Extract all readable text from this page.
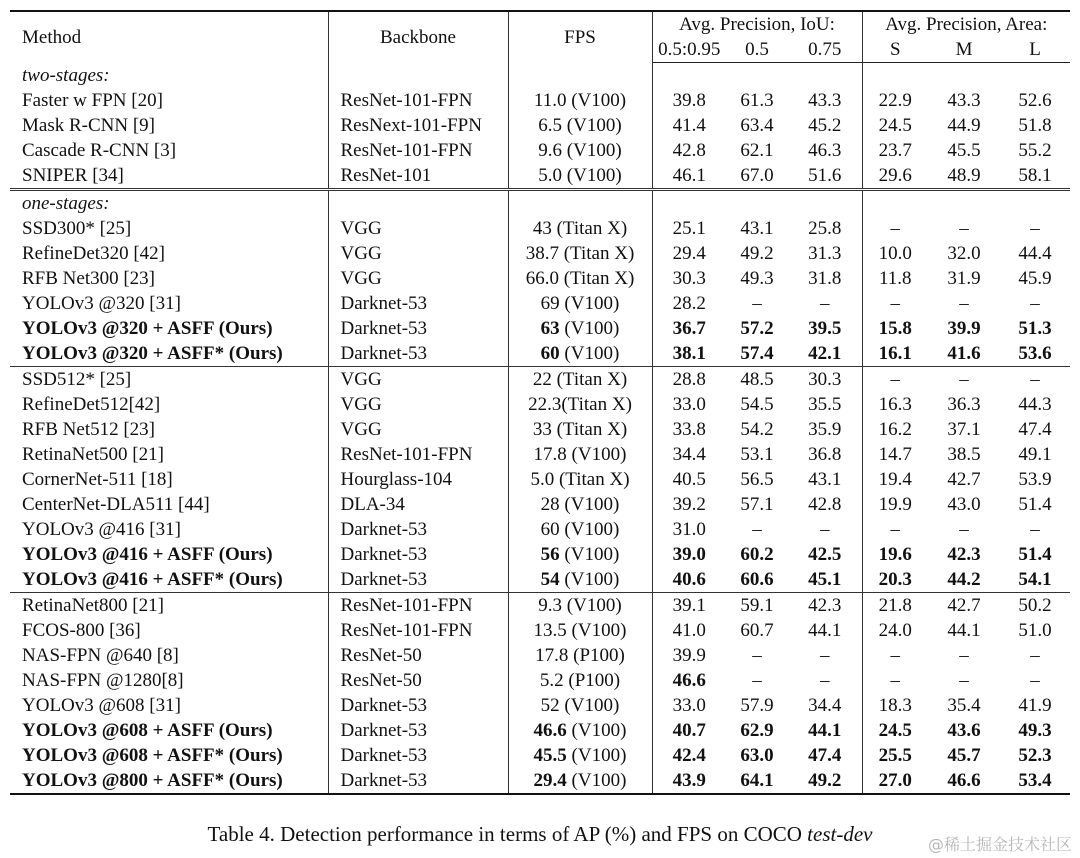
Method	Backbone	FPS	Avg. Precision, IoU:			Avg. Precision, Area:		
			0.5:0.95	0.5	0.75	S	M	L
two-stages:								
Faster w FPN [20]	ResNet-101-FPN	11.0 (V100)	39.8	61.3	43.3	22.9	43.3	52.6
Mask R-CNN [9]	ResNext-101-FPN	6.5 (V100)	41.4	63.4	45.2	24.5	44.9	51.8
Cascade R-CNN [3]	ResNet-101-FPN	9.6 (V100)	42.8	62.1	46.3	23.7	45.5	55.2
SNIPER [34]	ResNet-101	5.0 (V100)	46.1	67.0	51.6	29.6	48.9	58.1
one-stages:								
SSD300* [25]	VGG	43 (Titan X)	25.1	43.1	25.8	–	–	–
RefineDet320 [42]	VGG	38.7 (Titan X)	29.4	49.2	31.3	10.0	32.0	44.4
RFB Net300 [23]	VGG	66.0 (Titan X)	30.3	49.3	31.8	11.8	31.9	45.9
YOLOv3 @320 [31]	Darknet-53	69 (V100)	28.2	–	–	–	–	–
YOLOv3 @320 + ASFF (Ours)	Darknet-53	63 (V100)	36.7	57.2	39.5	15.8	39.9	51.3
YOLOv3 @320 + ASFF* (Ours)	Darknet-53	60 (V100)	38.1	57.4	42.1	16.1	41.6	53.6
SSD512* [25]	VGG	22 (Titan X)	28.8	48.5	30.3	–	–	–
RefineDet512[42]	VGG	22.3(Titan X)	33.0	54.5	35.5	16.3	36.3	44.3
RFB Net512 [23]	VGG	33 (Titan X)	33.8	54.2	35.9	16.2	37.1	47.4
RetinaNet500 [21]	ResNet-101-FPN	17.8 (V100)	34.4	53.1	36.8	14.7	38.5	49.1
CornerNet-511 [18]	Hourglass-104	5.0 (Titan X)	40.5	56.5	43.1	19.4	42.7	53.9
CenterNet-DLA511 [44]	DLA-34	28 (V100)	39.2	57.1	42.8	19.9	43.0	51.4
YOLOv3 @416 [31]	Darknet-53	60 (V100)	31.0	–	–	–	–	–
YOLOv3 @416 + ASFF (Ours)	Darknet-53	56 (V100)	39.0	60.2	42.5	19.6	42.3	51.4
YOLOv3 @416 + ASFF* (Ours)	Darknet-53	54 (V100)	40.6	60.6	45.1	20.3	44.2	54.1
RetinaNet800 [21]	ResNet-101-FPN	9.3 (V100)	39.1	59.1	42.3	21.8	42.7	50.2
FCOS-800 [36]	ResNet-101-FPN	13.5 (V100)	41.0	60.7	44.1	24.0	44.1	51.0
NAS-FPN @640 [8]	ResNet-50	17.8 (P100)	39.9	–	–	–	–	–
NAS-FPN @1280[8]	ResNet-50	5.2 (P100)	46.6	–	–	–	–	–
YOLOv3 @608 [31]	Darknet-53	52 (V100)	33.0	57.9	34.4	18.3	35.4	41.9
YOLOv3 @608 + ASFF (Ours)	Darknet-53	46.6 (V100)	40.7	62.9	44.1	24.5	43.6	49.3
YOLOv3 @608 + ASFF* (Ours)	Darknet-53	45.5 (V100)	42.4	63.0	47.4	25.5	45.7	52.3
YOLOv3 @800 + ASFF* (Ours)	Darknet-53	29.4 (V100)	43.9	64.1	49.2	27.0	46.6	53.4
Table 4. Detection performance in terms of AP (%) and FPS on COCO test-dev	@稀土掘金技术社区
